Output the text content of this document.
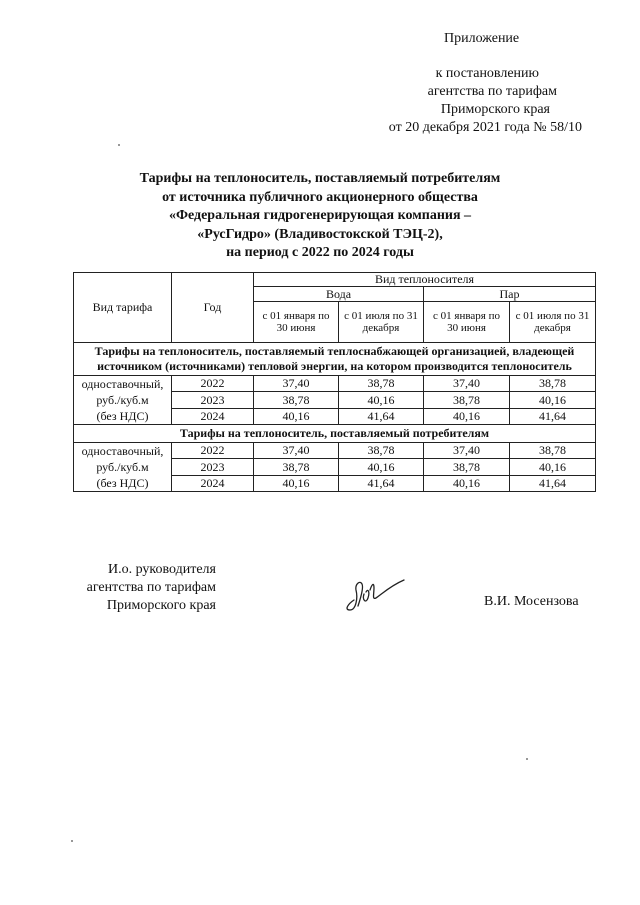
Приложение
к постановлению
агентства по тарифам
Приморского края
от 20 декабря 2021 года № 58/10
Тарифы на теплоноситель, поставляемый потребителям
от источника публичного акционерного общества
«Федеральная гидрогенерирующая компания –
«РусГидро» (Владивостокской ТЭЦ-2),
на период с 2022 по 2024 годы
Вид тарифа	Год	Вид теплоносителя			
		Вода		Пар	
		с 01 января по 30 июня	с 01 июля по 31 декабря	с 01 января по 30 июня	с 01 июля по 31 декабря
Тарифы на теплоноситель, поставляемый теплоснабжающей организацией, владеющей источником (источниками) тепловой энергии, на котором производится теплоноситель					
одноставочный,
руб./куб.м
(без НДС)	2022	37,40	38,78	37,40	38,78
	2023	38,78	40,16	38,78	40,16
	2024	40,16	41,64	40,16	41,64
Тарифы на теплоноситель, поставляемый потребителям					
одноставочный,
руб./куб.м
(без НДС)	2022	37,40	38,78	37,40	38,78
	2023	38,78	40,16	38,78	40,16
	2024	40,16	41,64	40,16	41,64
И.о. руководителя
агентства по тарифам
Приморского края	В.И. Мосензова
